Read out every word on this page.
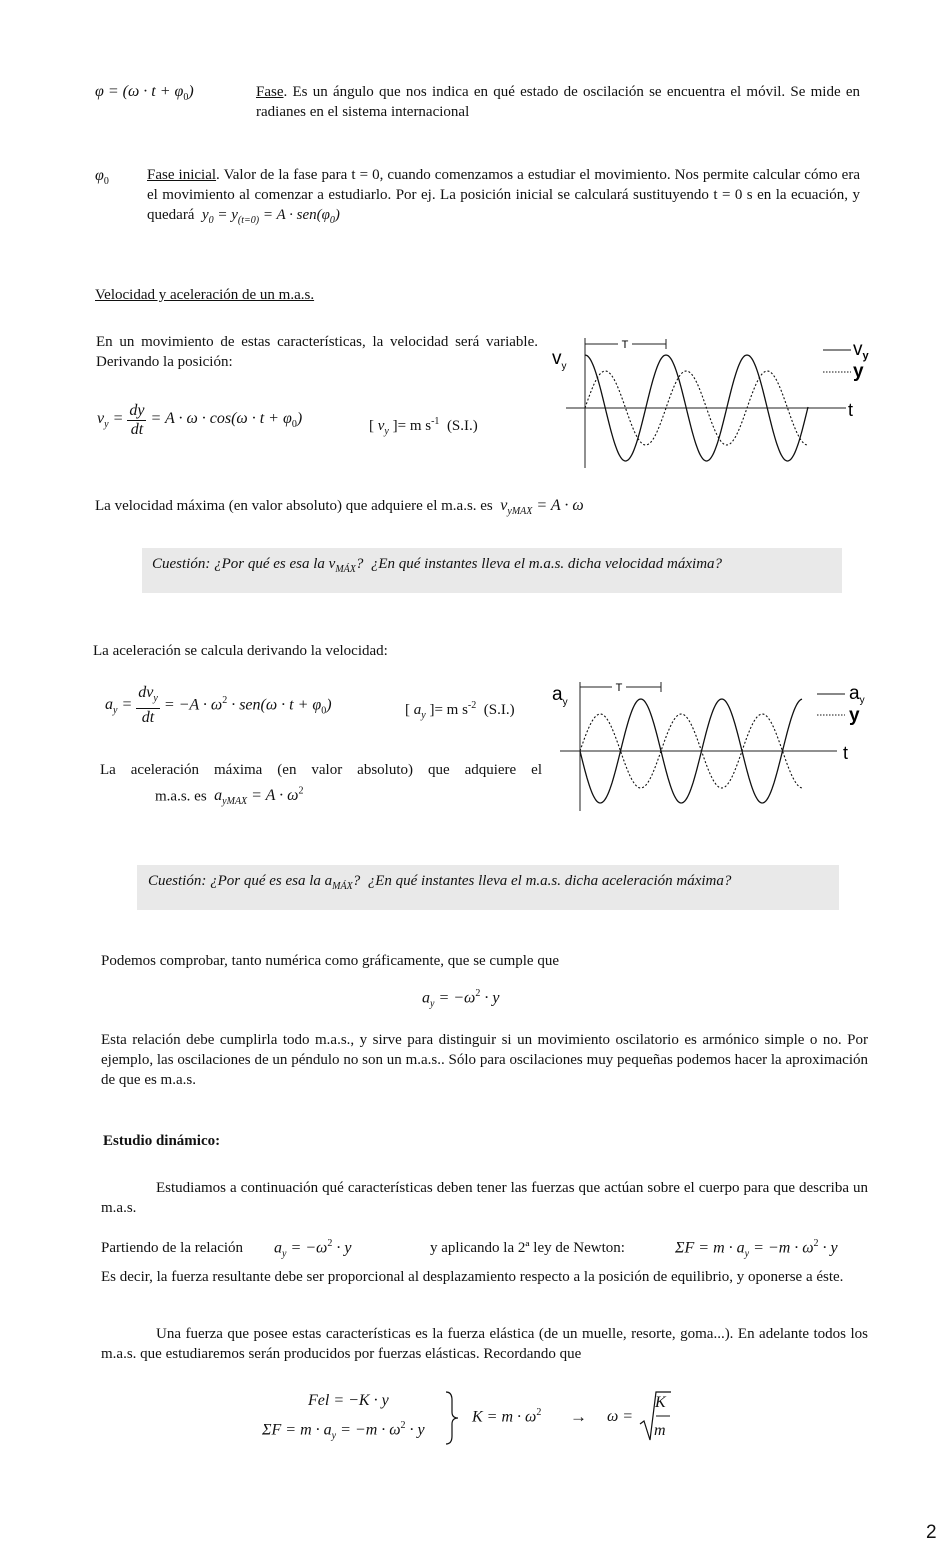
$\varphi = (\omega \cdot t + \varphi_0)$	Fase. Es un ángulo que nos indica en qué estado de oscilación se encuentra el móvil. Se mide en radianes en el sistema internacional
$\varphi_0$	Fase inicial. Valor de la fase para t = 0, cuando comenzamos a estudiar el movimiento. Nos permite calcular cómo era el movimiento al comenzar a estudiarlo. Por ej. La posición inicial se calculará sustituyendo t = 0 s en la ecuación, y quedará $y_0 = y_{(t=0)} = A \cdot sen(\varphi_0)$
Velocidad y aceleración de un m.a.s.
En un movimiento de estas características, la velocidad será variable. Derivando la posición:
$v_y = \frac{dy}{dt} = A \cdot \omega \cdot \cos(\omega \cdot t + \varphi_0)$	[ $v_y$ ]= m $s^{-1}$  (S.I.)
T
$v_y$
$v_y$
y
t
La velocidad máxima (en valor absoluto) que adquiere el m.a.s. es $v_{yMAX} = A \cdot \omega$
Cuestión: ¿Por qué es esa la $v_{MÁX}$?  ¿En qué instantes lleva el m.a.s. dicha velocidad máxima?
La aceleración se calcula derivando la velocidad:
$a_y$ =
$dv_y$
dt
= $-A \cdot \omega^2 \cdot sen(\omega \cdot t + \varphi_0)$	[ $a_y$ ]= m $s^{-2}$  (S.I.)
La aceleración máxima (en valor absoluto) que adquiere el
m.a.s. es $a_{yMAX} = A \cdot \omega^2$
T
$a_y$	$a_y$
y
t
Cuestión: ¿Por qué es esa la $a_{MÁX}$?  ¿En qué instantes lleva el m.a.s. dicha aceleración máxima?
Podemos comprobar, tanto numérica como gráficamente, que se cumple que
$a_y = -\omega^2 \cdot y$
Esta relación debe cumplirla todo m.a.s., y sirve para distinguir si un movimiento oscilatorio es armónico simple o no. Por ejemplo, las oscilaciones de un péndulo no son un m.a.s.. Sólo para oscilaciones muy pequeñas podemos hacer la aproximación de que es m.a.s.
Estudio dinámico:
Estudiamos a continuación qué características deben tener las fuerzas que actúan sobre el cuerpo para que describa un m.a.s.
Partiendo de la relación $a_y = -\omega^2 \cdot y$	y aplicando la 2ª ley de Newton:	$\Sigma F = m \cdot a_y = -m \cdot \omega^2 \cdot y$
Es decir, la fuerza resultante debe ser proporcional al desplazamiento respecto a la posición de equilibrio, y oponerse a éste.
Una fuerza que posee estas características es la fuerza elástica (de un muelle, resorte, goma...). En adelante todos los m.a.s. que estudiaremos serán producidos por fuerzas elásticas. Recordando que
Fel = −K · y
$\Sigma F = m \cdot a_y = -m \cdot \omega^2 \cdot y$
$K = m \cdot \omega^2 \to \omega$ =
K
m
2
